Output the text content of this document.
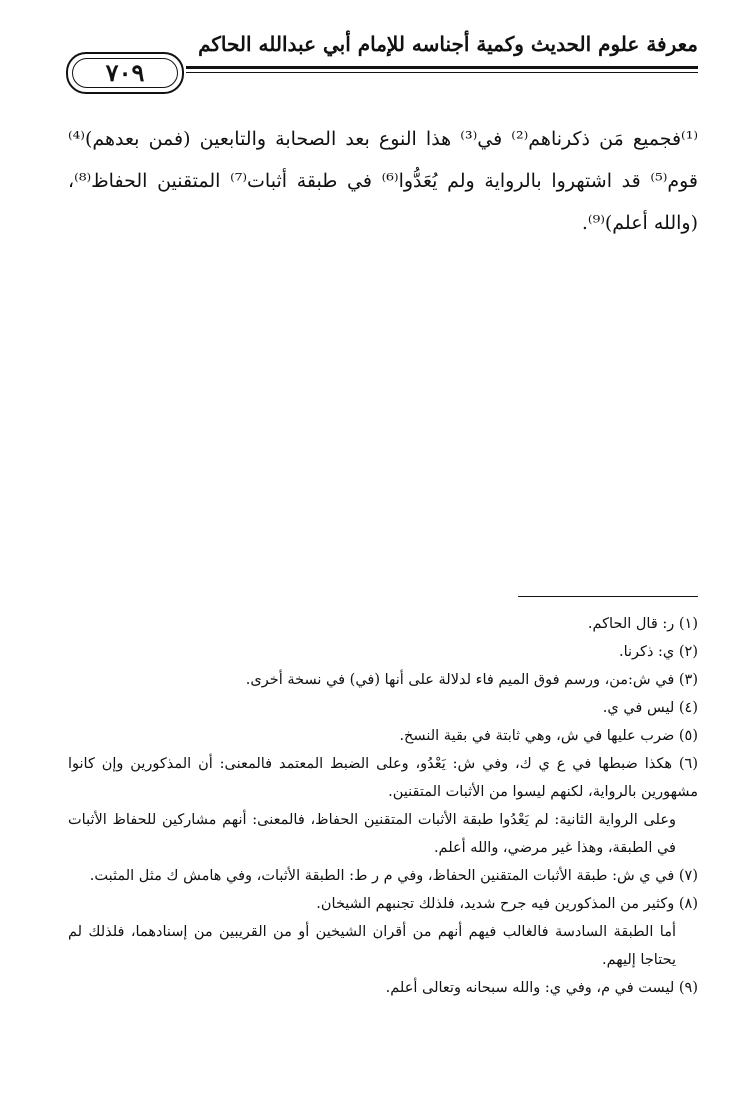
معرفة علوم الحديث وكمية أجناسه للإمام أبي عبدالله الحاكم
٧٠٩

⁽¹⁾فجميع مَن ذكرناهم⁽²⁾ في⁽³⁾ هذا النوع بعد الصحابة والتابعين (فمن بعدهم)⁽⁴⁾ قوم⁽⁵⁾ قد اشتهروا بالرواية ولم يُعَدُّوا⁽⁶⁾ في طبقة أثبات⁽⁷⁾ المتقنين الحفاظ⁽⁸⁾، (والله أعلم)⁽⁹⁾.

(١) ر: قال الحاكم.

(٢) ي: ذكرنا.

(٣) في ش:من، ورسم فوق الميم فاء لدلالة على أنها (في) في نسخة أخرى.

(٤) ليس في ي.

(٥) ضرب عليها في ش، وهي ثابتة في بقية النسخ.

(٦) هكذا ضبطها في ع ي ك، وفي ش: يَعْدُو، وعلى الضبط المعتمد فالمعنى: أن المذكورين وإن كانوا مشهورين بالرواية، لكنهم ليسوا من الأثبات المتقنين.

وعلى الرواية الثانية: لم يَعْدُوا طبقة الأثبات المتقنين الحفاظ، فالمعنى: أنهم مشاركين للحفاظ الأثبات في الطبقة، وهذا غير مرضي، والله أعلم.

(٧) في ي ش: طبقة الأثبات المتقنين الحفاظ، وفي م ر ط: الطبقة الأثبات، وفي هامش ك مثل المثبت.

(٨) وكثير من المذكورين فيه جرح شديد، فلذلك تجنبهم الشيخان.

أما الطبقة السادسة فالغالب فيهم أنهم من أقران الشيخين أو من القريبين من إسنادهما، فلذلك لم يحتاجا إليهم.

(٩) ليست في م، وفي ي: والله سبحانه وتعالى أعلم.
